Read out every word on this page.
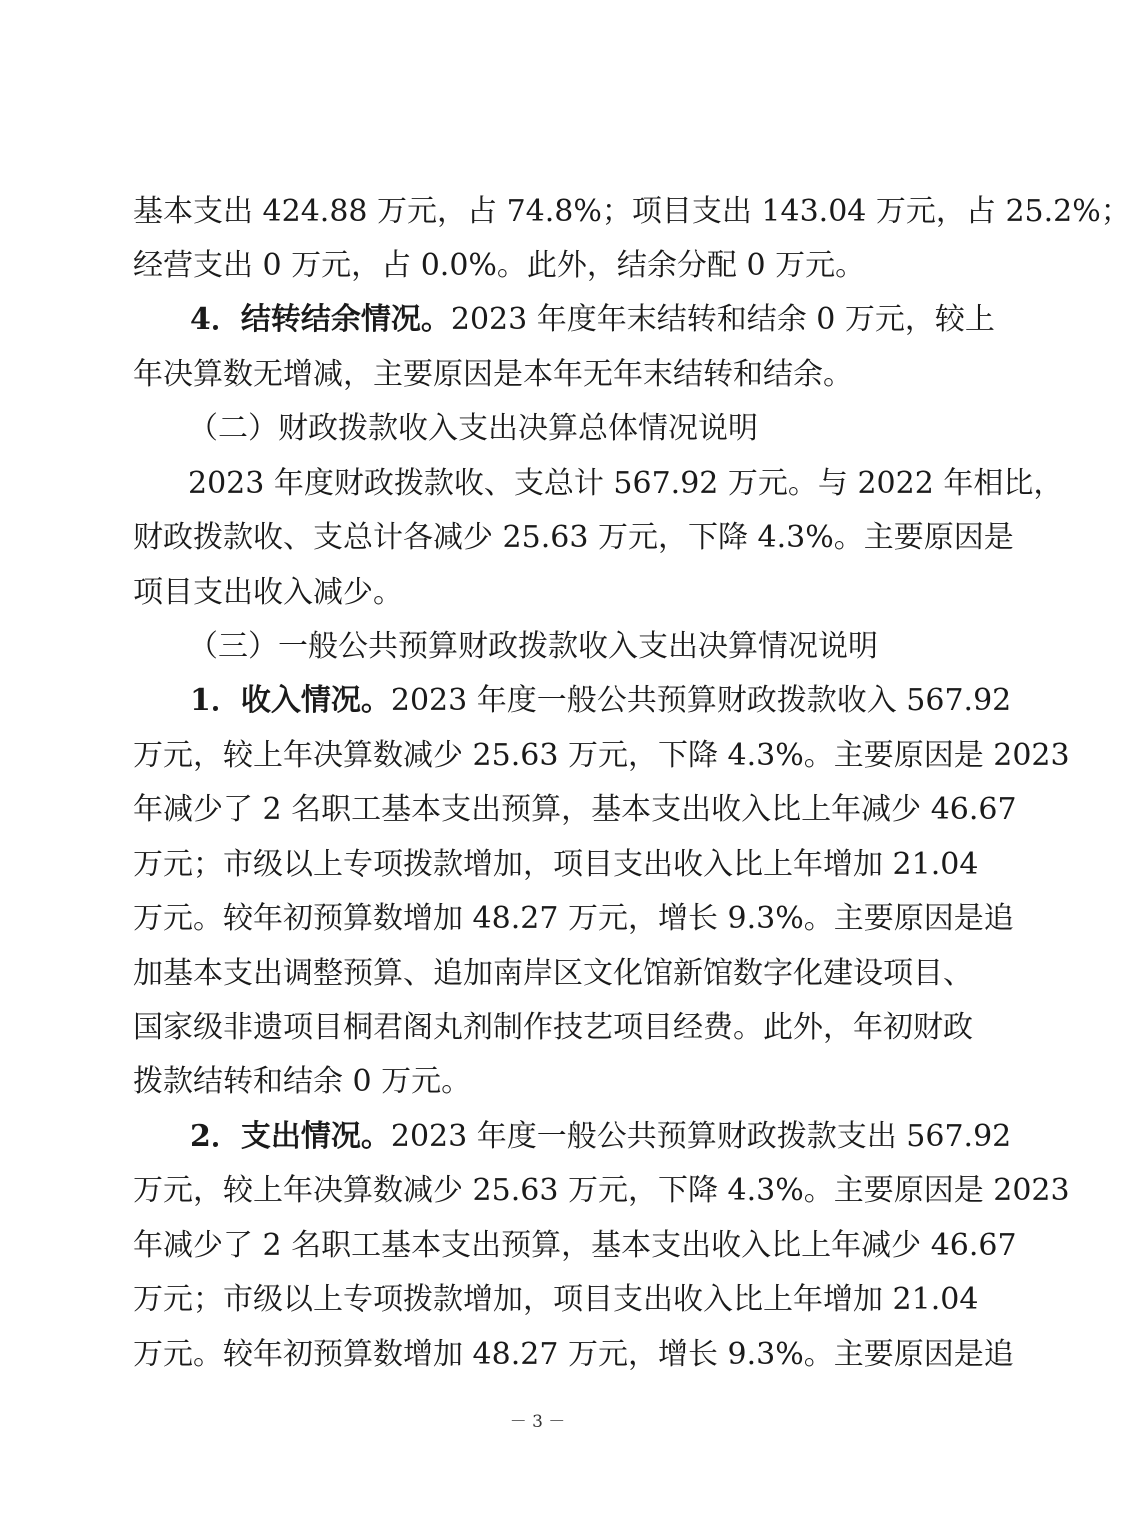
基本支出 424.88 万元，占 74.8%；项目支出 143.04 万元，占 25.2%；
经营支出 0 万元，占 0.0%。此外，结余分配 0 万元。
4．结转结余情况。2023 年度年末结转和结余 0 万元，较上
年决算数无增减，主要原因是本年无年末结转和结余。
（二）财政拨款收入支出决算总体情况说明
2023 年度财政拨款收、支总计 567.92 万元。与 2022 年相比，
财政拨款收、支总计各减少 25.63 万元，下降 4.3%。主要原因是
项目支出收入减少。
（三）一般公共预算财政拨款收入支出决算情况说明
1．收入情况。2023 年度一般公共预算财政拨款收入 567.92
万元，较上年决算数减少 25.63 万元，下降 4.3%。主要原因是 2023
年减少了 2 名职工基本支出预算，基本支出收入比上年减少 46.67
万元；市级以上专项拨款增加，项目支出收入比上年增加 21.04
万元。较年初预算数增加 48.27 万元，增长 9.3%。主要原因是追
加基本支出调整预算、追加南岸区文化馆新馆数字化建设项目、
国家级非遗项目桐君阁丸剂制作技艺项目经费。此外，年初财政
拨款结转和结余 0 万元。
2．支出情况。2023 年度一般公共预算财政拨款支出 567.92
万元，较上年决算数减少 25.63 万元，下降 4.3%。主要原因是 2023
年减少了 2 名职工基本支出预算，基本支出收入比上年减少 46.67
万元；市级以上专项拨款增加，项目支出收入比上年增加 21.04
万元。较年初预算数增加 48.27 万元，增长 9.3%。主要原因是追
－ 3 －
